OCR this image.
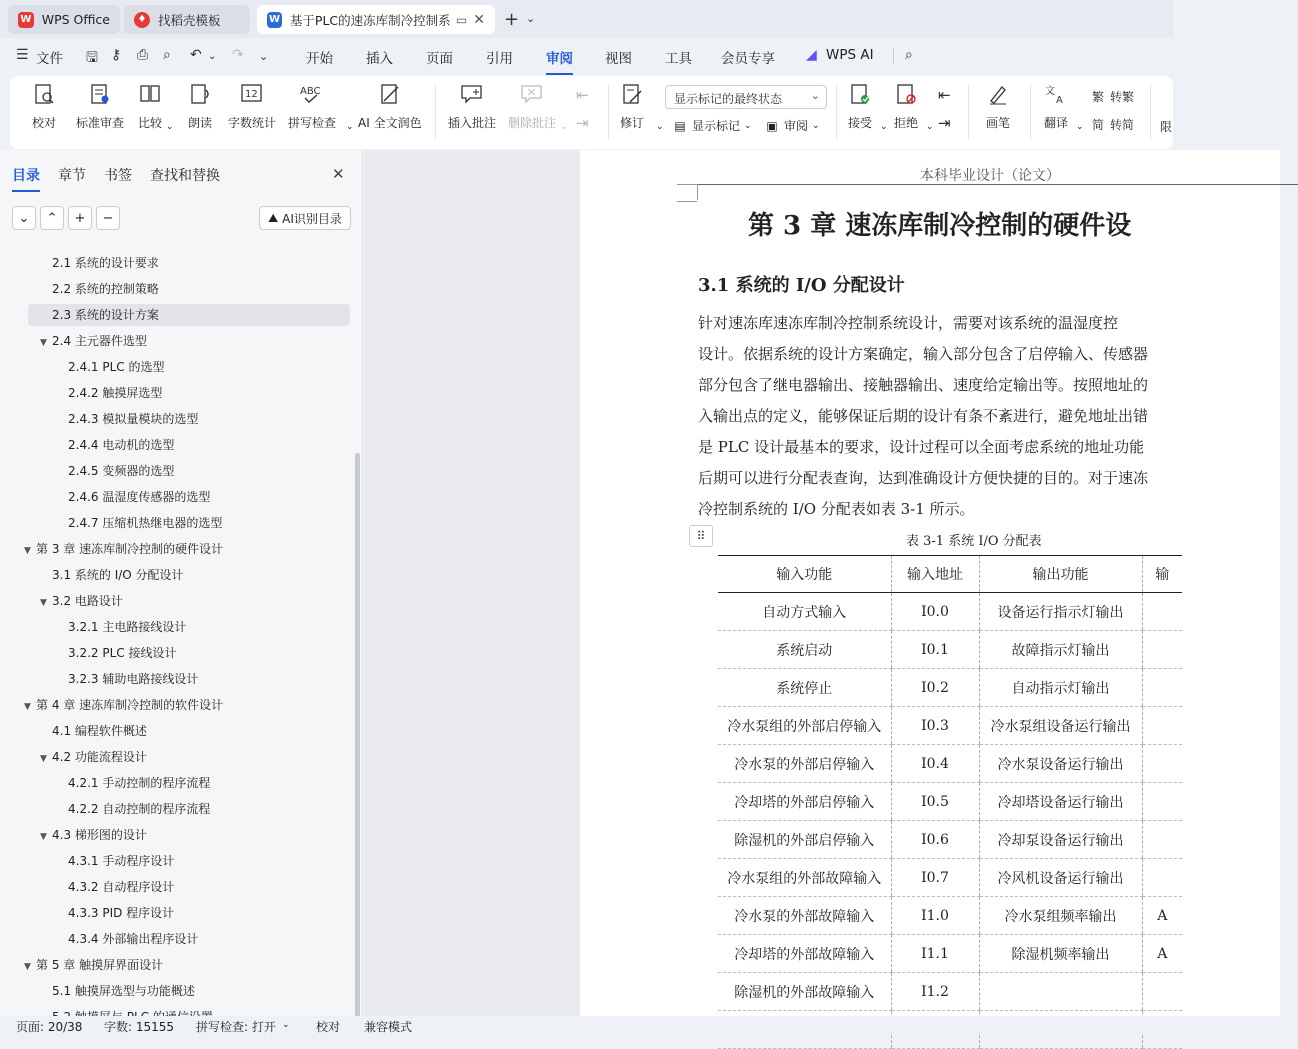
W WPS Office	♦ 找稻壳模板	W 基于PLC的速冻库制冷控制系 ▭ ✕ + ⌄
☰ 文件 🖫 ⚷ ⎙ ⌕ ↶ ⌄ ↷ ⌄	开始 插入 页面 引用 审阅 视图 工具 会员专享 ◢ WPS AI ⌕
校对 标准审查 比较 ⌄ 朗读
12
字数统计
ABC
拼写检查 ⌄ AI 全文润色 插入批注 删除批注 ⌄
⇤
⇥	修订 ⌄
显示标记的最终状态	⌄
▤ 显示标记 ⌄ ▣ 审阅 ⌄ 接受 ⌄ 拒绝 ⌄
⇤
⇥	画笔
文
A
翻译 ⌄
繁 转繁
简 转简 限
目录 章节 书签 查找和替换	✕
⌄	⌃	+	−	⛰ AI识别目录
2.1 系统的设计要求
2.2 系统的控制策略
2.3 系统的设计方案
▼ 2.4 主元器件选型
2.4.1 PLC 的选型
2.4.2 触摸屏选型
2.4.3 模拟量模块的选型
2.4.4 电动机的选型
2.4.5 变频器的选型
2.4.6 温湿度传感器的选型
2.4.7 压缩机热继电器的选型
▼ 第 3 章 速冻库制冷控制的硬件设计
3.1 系统的 I/O 分配设计
▼ 3.2 电路设计
3.2.1 主电路接线设计
3.2.2 PLC 接线设计
3.2.3 辅助电路接线设计
▼ 第 4 章 速冻库制冷控制的软件设计
4.1 编程软件概述
▼ 4.2 功能流程设计
4.2.1 手动控制的程序流程
4.2.2 自动控制的程序流程
▼ 4.3 梯形图的设计
4.3.1 手动程序设计
4.3.2 自动程序设计
4.3.3 PID 程序设计
4.3.4 外部输出程序设计
▼ 第 5 章 触摸屏界面设计
5.1 触摸屏选型与功能概述
本科毕业设计（论文）
第 3 章 速冻库制冷控制的硬件设
3.1 系统的 I/O 分配设计
针对速冻库速冻库制冷控制系统设计，需要对该系统的温湿度控
设计。依据系统的设计方案确定，输入部分包含了启停输入、传感器
部分包含了继电器输出、接触器输出、速度给定输出等。按照地址的
入输出点的定义，能够保证后期的设计有条不紊进行，避免地址出错
是 PLC 设计最基本的要求，设计过程可以全面考虑系统的地址功能
后期可以进行分配表查询，达到准确设计方便快捷的目的。对于速冻
冷控制系统的 I/O 分配表如表 3-1 所示。
⠿	表 3-1 系统 I/O 分配表
输入功能	输入地址	输出功能	输
自动方式输入	I0.0	设备运行指示灯输出	
系统启动	I0.1	故障指示灯输出	
系统停止	I0.2	自动指示灯输出	
冷水泵组的外部启停输入	I0.3	冷水泵组设备运行输出	
冷水泵的外部启停输入	I0.4	冷水泵设备运行输出	
冷却塔的外部启停输入	I0.5	冷却塔设备运行输出	
除湿机的外部启停输入	I0.6	冷却泵设备运行输出	
冷水泵组的外部故障输入	I0.7	冷风机设备运行输出	
冷水泵的外部故障输入	I1.0	冷水泵组频率输出	A
冷却塔的外部故障输入	I1.1	除湿机频率输出	A
除湿机的外部故障输入	I1.2		

页面: 20/38 字数: 15155 拼写检查: 打开 ⌄ 校对 兼容模式
